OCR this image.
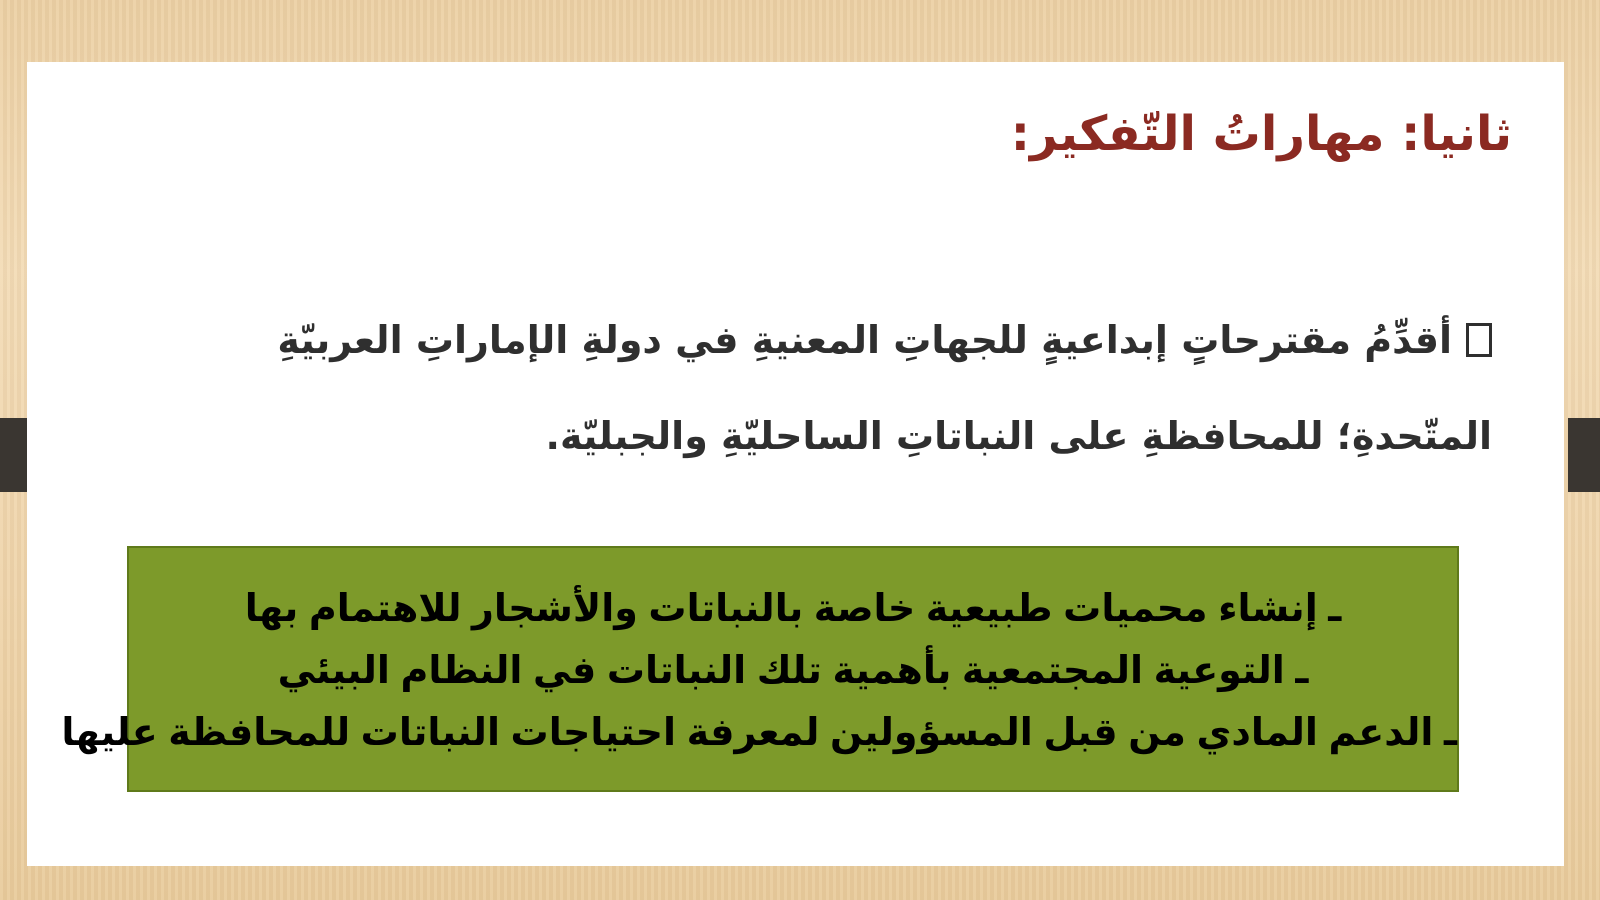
ثانيا: مهاراتُ التّفكير:
أقدِّمُ مقترحاتٍ إبداعيةٍ للجهاتِ المعنيةِ في دولةِ الإماراتِ العربيّةِ المتّحدةِ؛ للمحافظةِ على النباتاتِ الساحليّةِ والجبليّة.
ـ إنشاء محميات طبيعية خاصة بالنباتات والأشجار للاهتمام بها
ـ التوعية المجتمعية بأهمية تلك النباتات في النظام البيئي
ـ الدعم المادي من قبل المسؤولين لمعرفة احتياجات النباتات للمحافظة عليها
